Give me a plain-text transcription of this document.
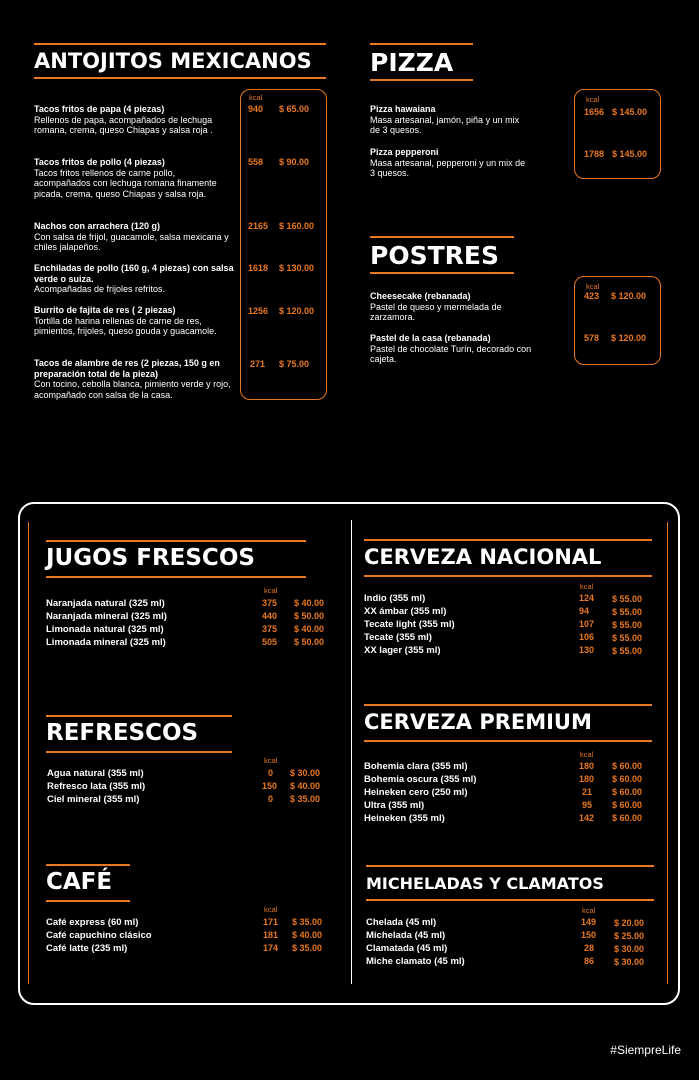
ANTOJITOS MEXICANOS
kcal
Tacos fritos de papa (4 piezas)
Rellenos de papa, acompañados de lechuga romana, crema, queso Chiapas y salsa roja .
940 $ 65.00
Tacos fritos de pollo (4 piezas)
Tacos fritos rellenos de carne pollo, acompañados con lechuga romana finamente picada, crema, queso Chiapas y salsa roja.
558 $ 90.00
Nachos con arrachera (120 g)
Con salsa de frijol, guacamole, salsa mexicana y chiles jalapeños.
2165 $ 160.00
Enchiladas de pollo (160 g, 4 piezas) con salsa verde o suiza.
Acompañadas de frijoles refritos.
1618 $ 130.00
Burrito de fajita de res ( 2 piezas)
Tortilla de harina rellenas de carne de res, pimientos, frijoles, queso gouda y guacamole.
1256 $ 120.00
Tacos de alambre de res (2 piezas, 150 g en preparación total de la pieza)
Con tocino, cebolla blanca, pimiento verde y rojo, acompañado con salsa de la casa.
271 $ 75.00
PIZZA
kcal
Pizza hawaiana
Masa artesanal, jamón, piña y un mix de 3 quesos.
1656 $ 145.00
Pizza pepperoni
Masa artesanal, pepperoni y un mix de 3 quesos.
1788 $ 145.00
POSTRES
kcal
Cheesecake (rebanada)
Pastel de queso y mermelada de zarzamora.
423 $ 120.00
Pastel de la casa (rebanada)
Pastel de chocolate Turín, decorado con cajeta.
578 $ 120.00
JUGOS FRESCOS
kcal
Naranjada natural (325 ml)	375 $ 40.00
Naranjada mineral (325 ml)	440 $ 50.00
Limonada natural (325 ml)	375 $ 40.00
Limonada mineral (325 ml)	505 $ 50.00
REFRESCOS
kcal
Agua natural (355 ml)	0 $ 30.00
Refresco lata (355 ml)	150 $ 40.00
Ciel mineral (355 ml)	0 $ 35.00
CAFÉ
kcal
Café express (60 ml)	171 $ 35.00
Café capuchino clásico	181 $ 40.00
Café latte (235 ml)	174 $ 35.00
CERVEZA NACIONAL
kcal
Indio (355 ml)	124 $ 55.00
XX ámbar (355 ml)	94	$ 55.00
Tecate light (355 ml)	107 $ 55.00
Tecate (355 ml)	106 $ 55.00
XX lager (355 ml)	130 $ 55.00
CERVEZA PREMIUM
kcal
Bohemia clara (355 ml)	180 $ 60.00
Bohemia oscura (355 ml)	180 $ 60.00
Heineken cero (250 ml)	21 $ 60.00
Ultra (355 ml)	95 $ 60.00
Heineken (355 ml)	142 $ 60.00
MICHELADAS Y CLAMATOS
kcal
Chelada (45 ml)	149 $ 20.00
Michelada (45 ml)	150 $ 25.00
Clamatada (45 ml)	28 $ 30.00
Miche clamato (45 ml)	86 $ 30.00
#SiempreLife
